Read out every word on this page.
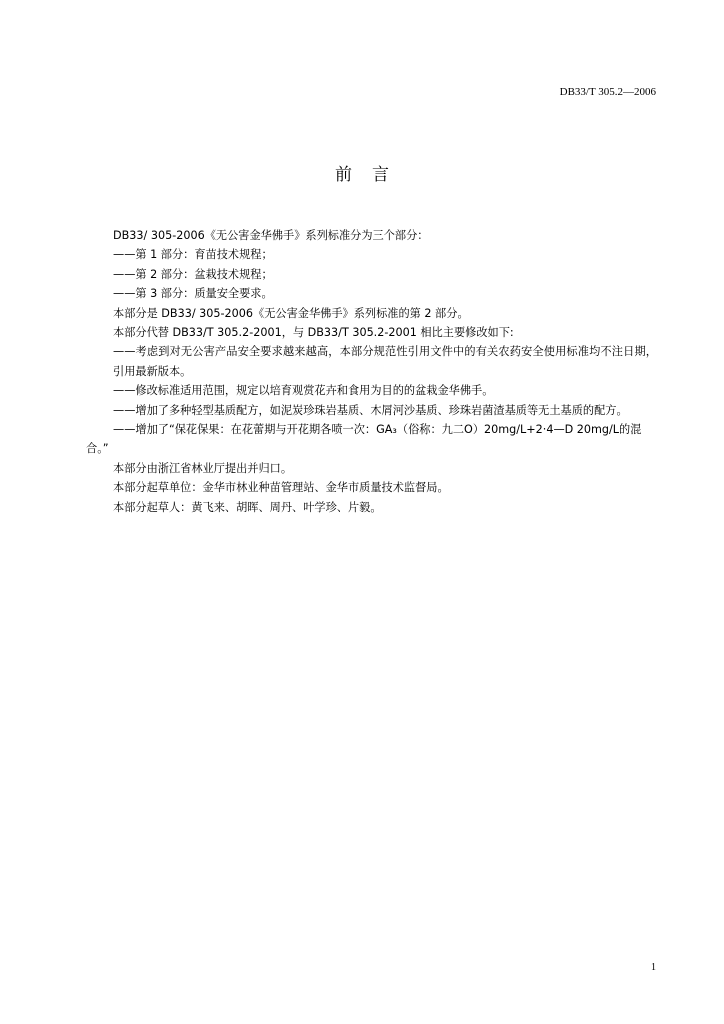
DB33/T 305.2—2006
前言

DB33/ 305-2006《无公害金华佛手》系列标准分为三个部分：

——第 1 部分：育苗技术规程；

——第 2 部分：盆栽技术规程；

——第 3 部分：质量安全要求。

本部分是 DB33/ 305-2006《无公害金华佛手》系列标准的第 2 部分。

本部分代替 DB33/T 305.2-2001，与 DB33/T 305.2-2001 相比主要修改如下:

——考虑到对无公害产品安全要求越来越高，本部分规范性引用文件中的有关农药安全使用标准均不注日期，引用最新版本。

——修改标准适用范围，规定以培育观赏花卉和食用为目的的盆栽金华佛手。

——增加了多种轻型基质配方，如泥炭珍珠岩基质、木屑河沙基质、珍珠岩菌渣基质等无土基质的配方。

——增加了“保花保果：在花蕾期与开花期各喷一次：GA₃（俗称：九二O）20mg/L+2·4—D 20mg/L的混合。”

本部分由浙江省林业厅提出并归口。

本部分起草单位：金华市林业种苗管理站、金华市质量技术监督局。

本部分起草人：黄飞来、胡晖、周丹、叶学珍、片毅。

1
